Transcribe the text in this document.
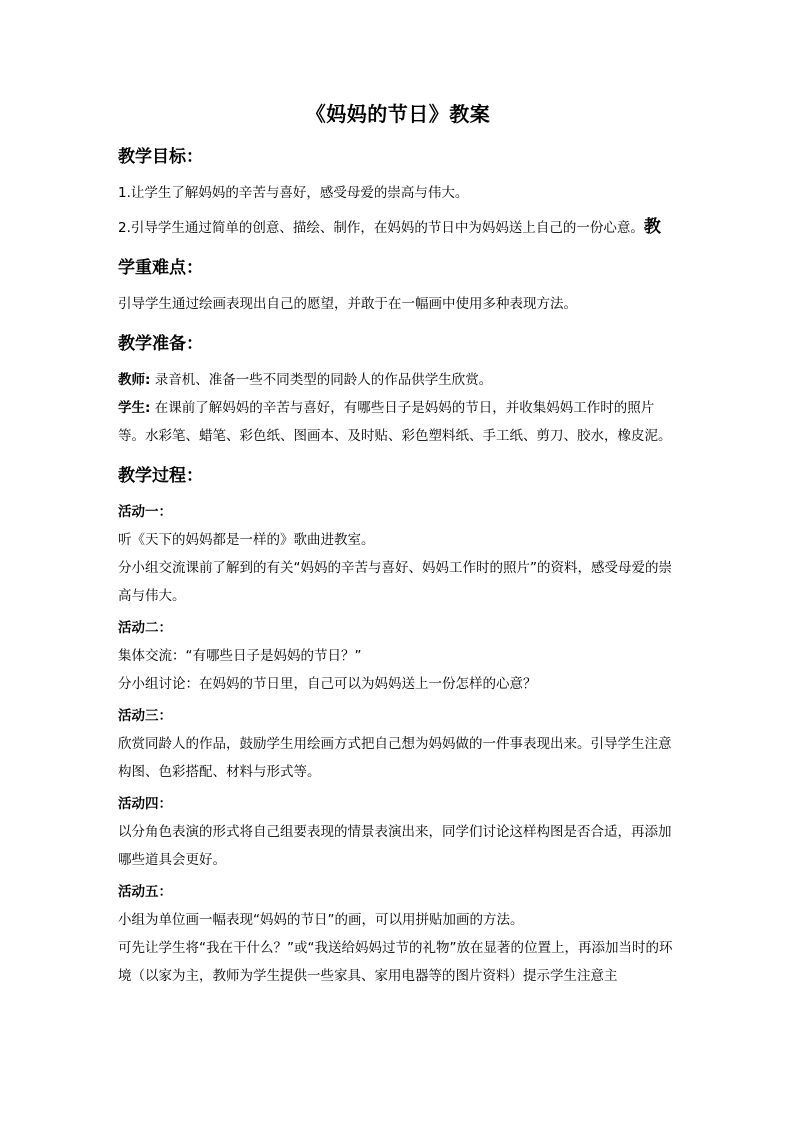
《妈妈的节日》教案
教学目标：

1.让学生了解妈妈的辛苦与喜好，感受母爱的崇高与伟大。

2.引导学生通过简单的创意、描绘、制作，在妈妈的节日中为妈妈送上自己的一份心意。教

学重难点：

引导学生通过绘画表现出自己的愿望，并敢于在一幅画中使用多种表现方法。

教学准备：

教师: 录音机、准备一些不同类型的同龄人的作品供学生欣赏。

学生: 在课前了解妈妈的辛苦与喜好，有哪些日子是妈妈的节日，并收集妈妈工作时的照片等。水彩笔、蜡笔、彩色纸、图画本、及时贴、彩色塑料纸、手工纸、剪刀、胶水，橡皮泥。

教学过程：
活动一：

听《天下的妈妈都是一样的》歌曲进教室。

分小组交流课前了解到的有关“妈妈的辛苦与喜好、妈妈工作时的照片”的资料，感受母爱的崇高与伟大。

活动二：

集体交流：“有哪些日子是妈妈的节日？”

分小组讨论：在妈妈的节日里，自己可以为妈妈送上一份怎样的心意？

活动三：

欣赏同龄人的作品，鼓励学生用绘画方式把自己想为妈妈做的一件事表现出来。引导学生注意构图、色彩搭配、材料与形式等。

活动四：

以分角色表演的形式将自己组要表现的情景表演出来，同学们讨论这样构图是否合适，再添加哪些道具会更好。

活动五：

小组为单位画一幅表现“妈妈的节日”的画，可以用拼贴加画的方法。

可先让学生将“我在干什么？”或“我送给妈妈过节的礼物”放在显著的位置上，再添加当时的环境（以家为主，教师为学生提供一些家具、家用电器等的图片资料）提示学生注意主
